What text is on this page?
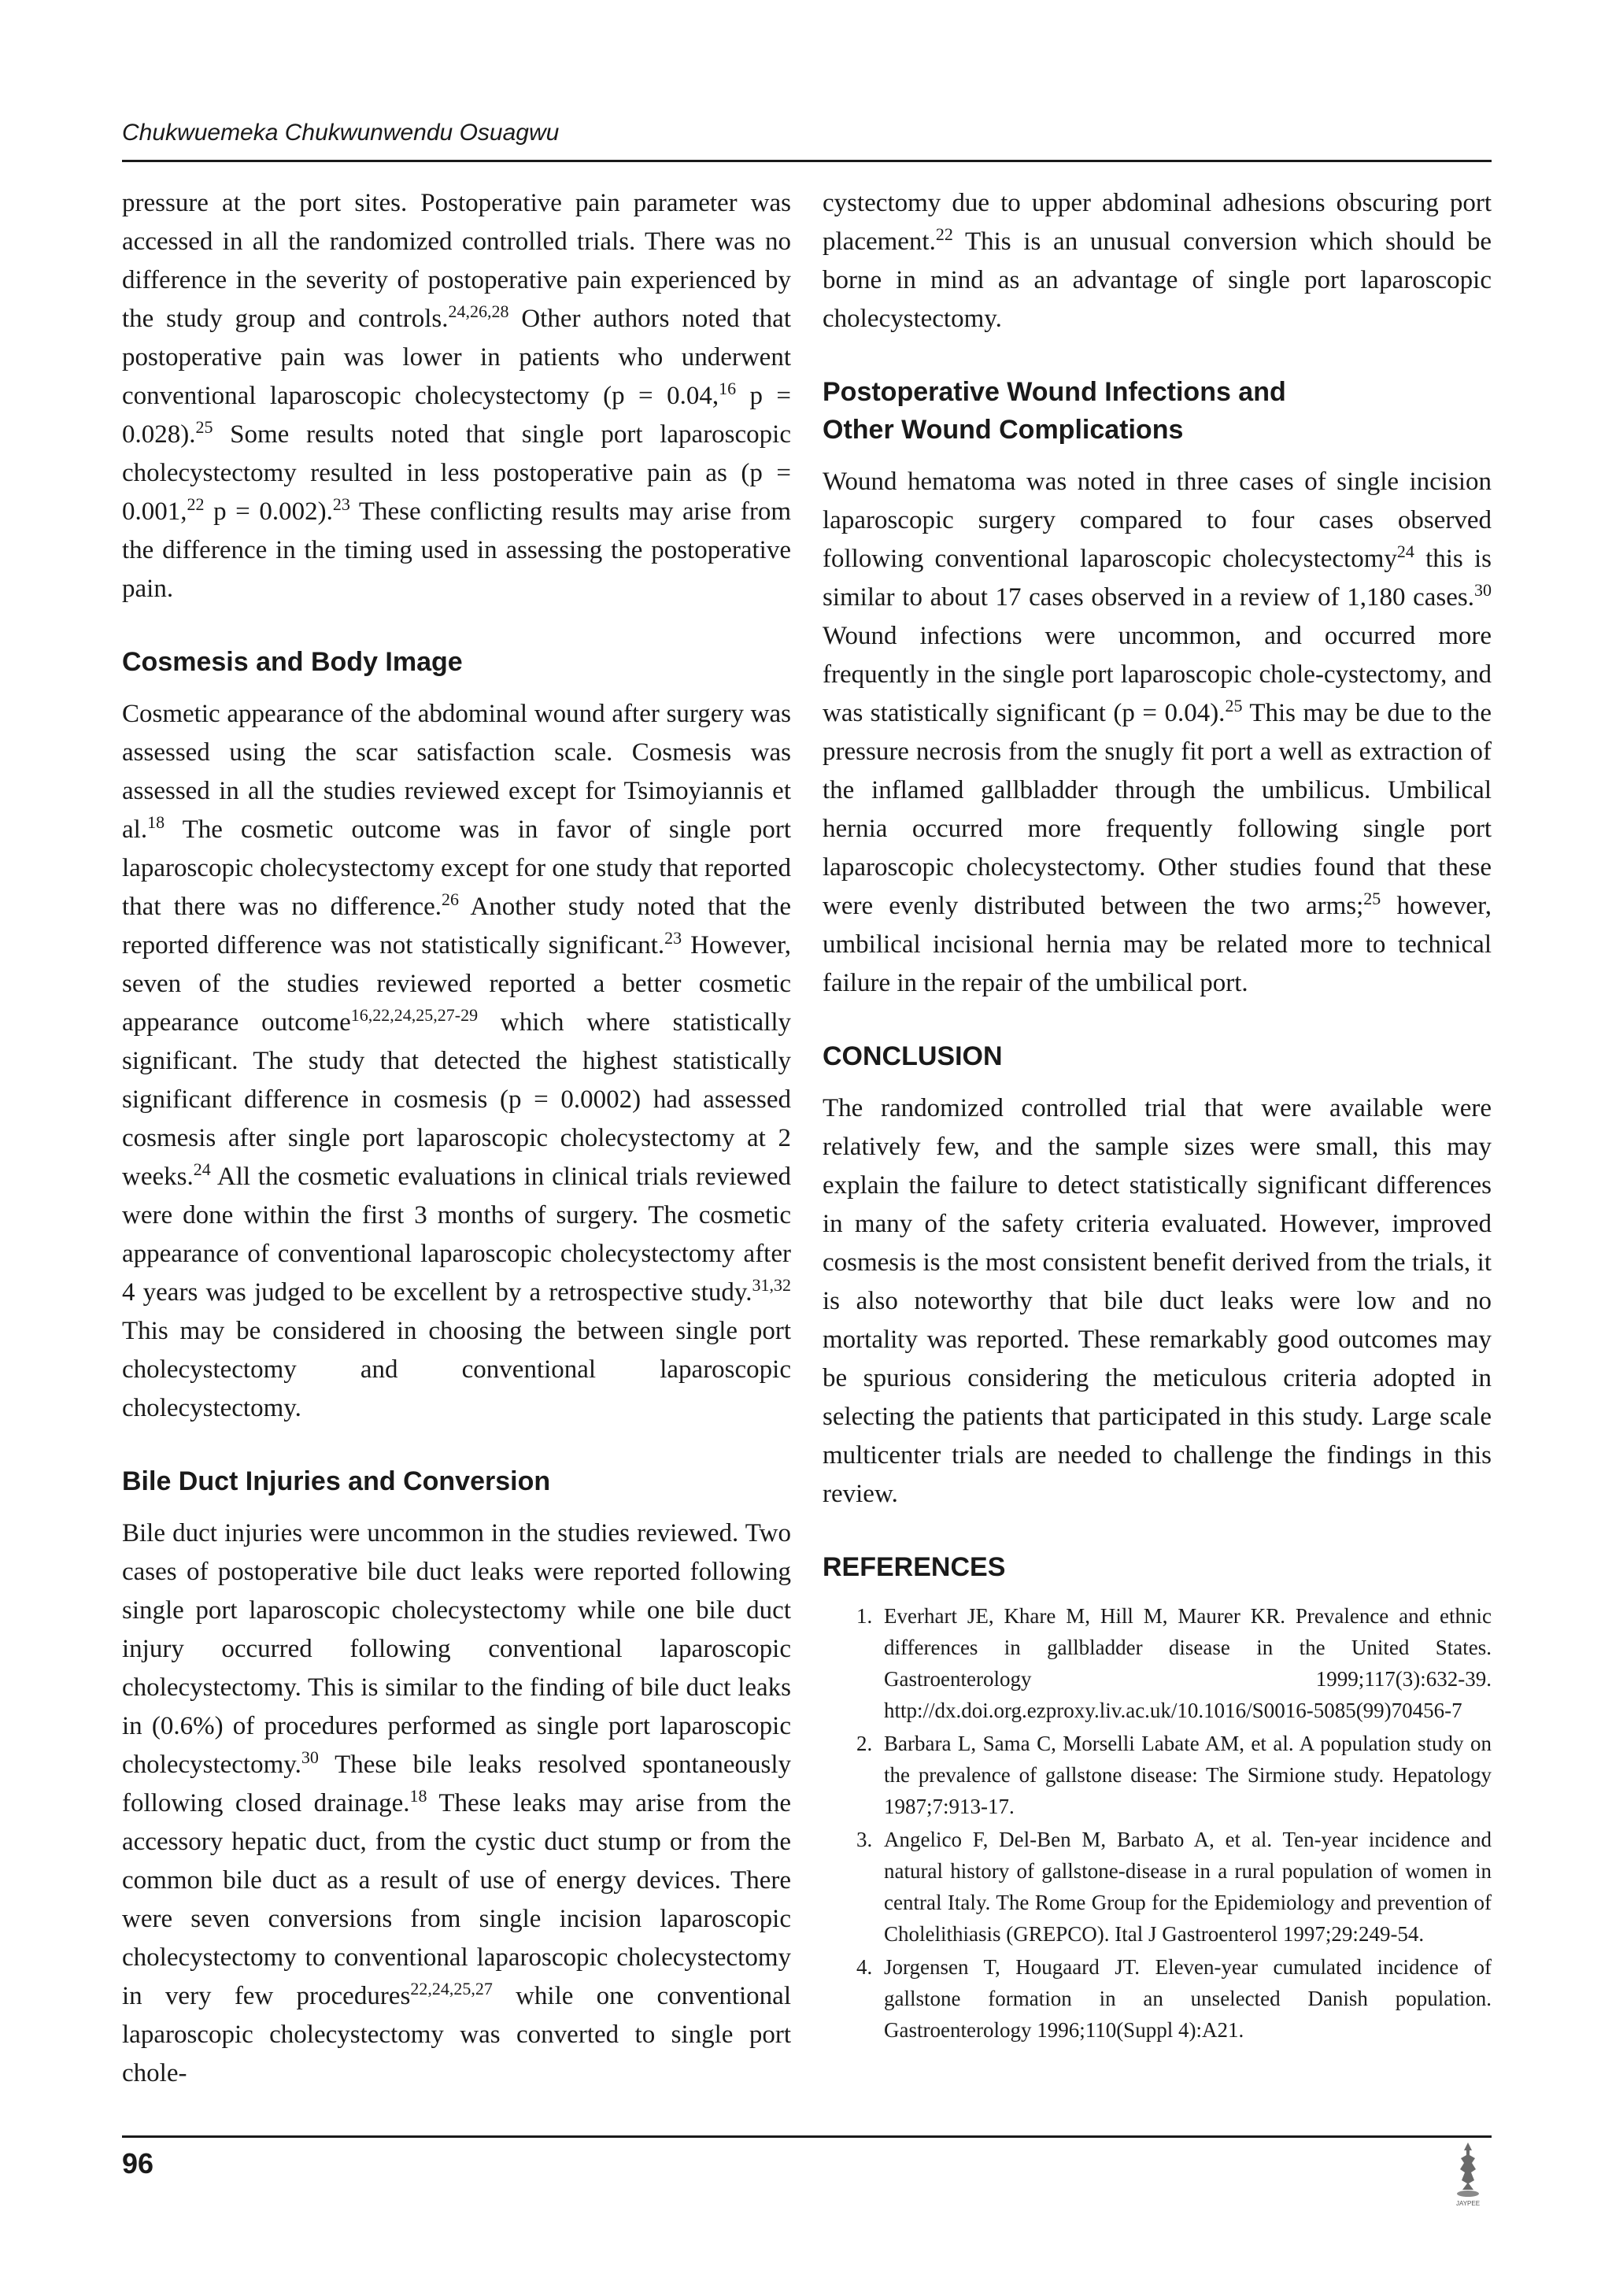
Chukwuemeka Chukwunwendu Osuagwu

pressure at the port sites. Postoperative pain parameter was accessed in all the randomized controlled trials. There was no difference in the severity of postoperative pain experienced by the study group and controls.$^{24,26,28}$ Other authors noted that postoperative pain was lower in patients who underwent conventional laparoscopic cholecystectomy (p = 0.04,16 p = 0.028).$^{25}$ Some results noted that single port laparoscopic cholecystectomy resulted in less postoperative pain as (p = 0.001,22 p = 0.002).$^{23}$ These conflicting results may arise from the difference in the timing used in assessing the postoperative pain.

Cosmesis and Body Image

Cosmetic appearance of the abdominal wound after surgery was assessed using the scar satisfaction scale. Cosmesis was assessed in all the studies reviewed except for Tsimoyiannis et al.$^{18}$ The cosmetic outcome was in favor of single port laparoscopic cholecystectomy except for one study that reported that there was no difference.$^{26}$ Another study noted that the reported difference was not statistically significant.$^{23}$ However, seven of the studies reviewed reported a better cosmetic appearance outcome$^{16,22,24,25,27-29}$ which where statistically significant. The study that detected the highest statistically significant difference in cosmesis (p = 0.0002) had assessed cosmesis after single port laparoscopic cholecystectomy at 2 weeks.$^{24}$ All the cosmetic evaluations in clinical trials reviewed were done within the first 3 months of surgery. The cosmetic appearance of conventional laparoscopic cholecystectomy after 4 years was judged to be excellent by a retrospective study.$^{31,32}$ This may be considered in choosing the between single port cholecystectomy and conventional laparoscopic cholecystectomy.

Bile Duct Injuries and Conversion

Bile duct injuries were uncommon in the studies reviewed. Two cases of postoperative bile duct leaks were reported following single port laparoscopic cholecystectomy while one bile duct injury occurred following conventional laparoscopic cholecystectomy. This is similar to the finding of bile duct leaks in (0.6%) of procedures performed as single port laparoscopic cholecystectomy.$^{30}$ These bile leaks resolved spontaneously following closed drainage.$^{18}$ These leaks may arise from the accessory hepatic duct, from the cystic duct stump or from the common bile duct as a result of use of energy devices. There were seven conversions from single incision laparoscopic cholecystectomy to conventional laparoscopic cholecystectomy in very few procedures$^{22,24,25,27}$ while one conventional laparoscopic cholecystectomy was converted to single port chole-

cystectomy due to upper abdominal adhesions obscuring port placement.$^{22}$ This is an unusual conversion which should be borne in mind as an advantage of single port laparoscopic cholecystectomy.

Postoperative Wound Infections and
Other Wound Complications

Wound hematoma was noted in three cases of single incision laparoscopic surgery compared to four cases observed following conventional laparoscopic cholecystectomy$^{24}$ this is similar to about 17 cases observed in a review of 1,180 cases.$^{30}$ Wound infections were uncommon, and occurred more frequently in the single port laparoscopic chole-cystectomy, and was statistically significant (p = 0.04).$^{25}$ This may be due to the pressure necrosis from the snugly fit port a well as extraction of the inflamed gallbladder through the umbilicus. Umbilical hernia occurred more frequently following single port laparoscopic cholecystectomy. Other studies found that these were evenly distributed between the two arms;$^{25}$ however, umbilical incisional hernia may be related more to technical failure in the repair of the umbilical port.

CONCLUSION

The randomized controlled trial that were available were relatively few, and the sample sizes were small, this may explain the failure to detect statistically significant differences in many of the safety criteria evaluated. However, improved cosmesis is the most consistent benefit derived from the trials, it is also noteworthy that bile duct leaks were low and no mortality was reported. These remarkably good outcomes may be spurious considering the meticulous criteria adopted in selecting the patients that participated in this study. Large scale multicenter trials are needed to challenge the findings in this review.

REFERENCES
1. Everhart JE, Khare M, Hill M, Maurer KR. Prevalence and ethnic differences in gallbladder disease in the United States. Gastroenterology 1999;117(3):632-39. http://dx.doi.org.ezproxy.liv.ac.uk/10.1016/S0016-5085(99)70456-7
2. Barbara L, Sama C, Morselli Labate AM, et al. A population study on the prevalence of gallstone disease: The Sirmione study. Hepatology 1987;7:913-17.
3. Angelico F, Del-Ben M, Barbato A, et al. Ten-year incidence and natural history of gallstone-disease in a rural population of women in central Italy. The Rome Group for the Epidemiology and prevention of Cholelithiasis (GREPCO). Ital J Gastroenterol 1997;29:249-54.
4. Jorgensen T, Hougaard JT. Eleven-year cumulated incidence of gallstone formation in an unselected Danish population. Gastroenterology 1996;110(Suppl 4):A21.
96
JAYPEE
